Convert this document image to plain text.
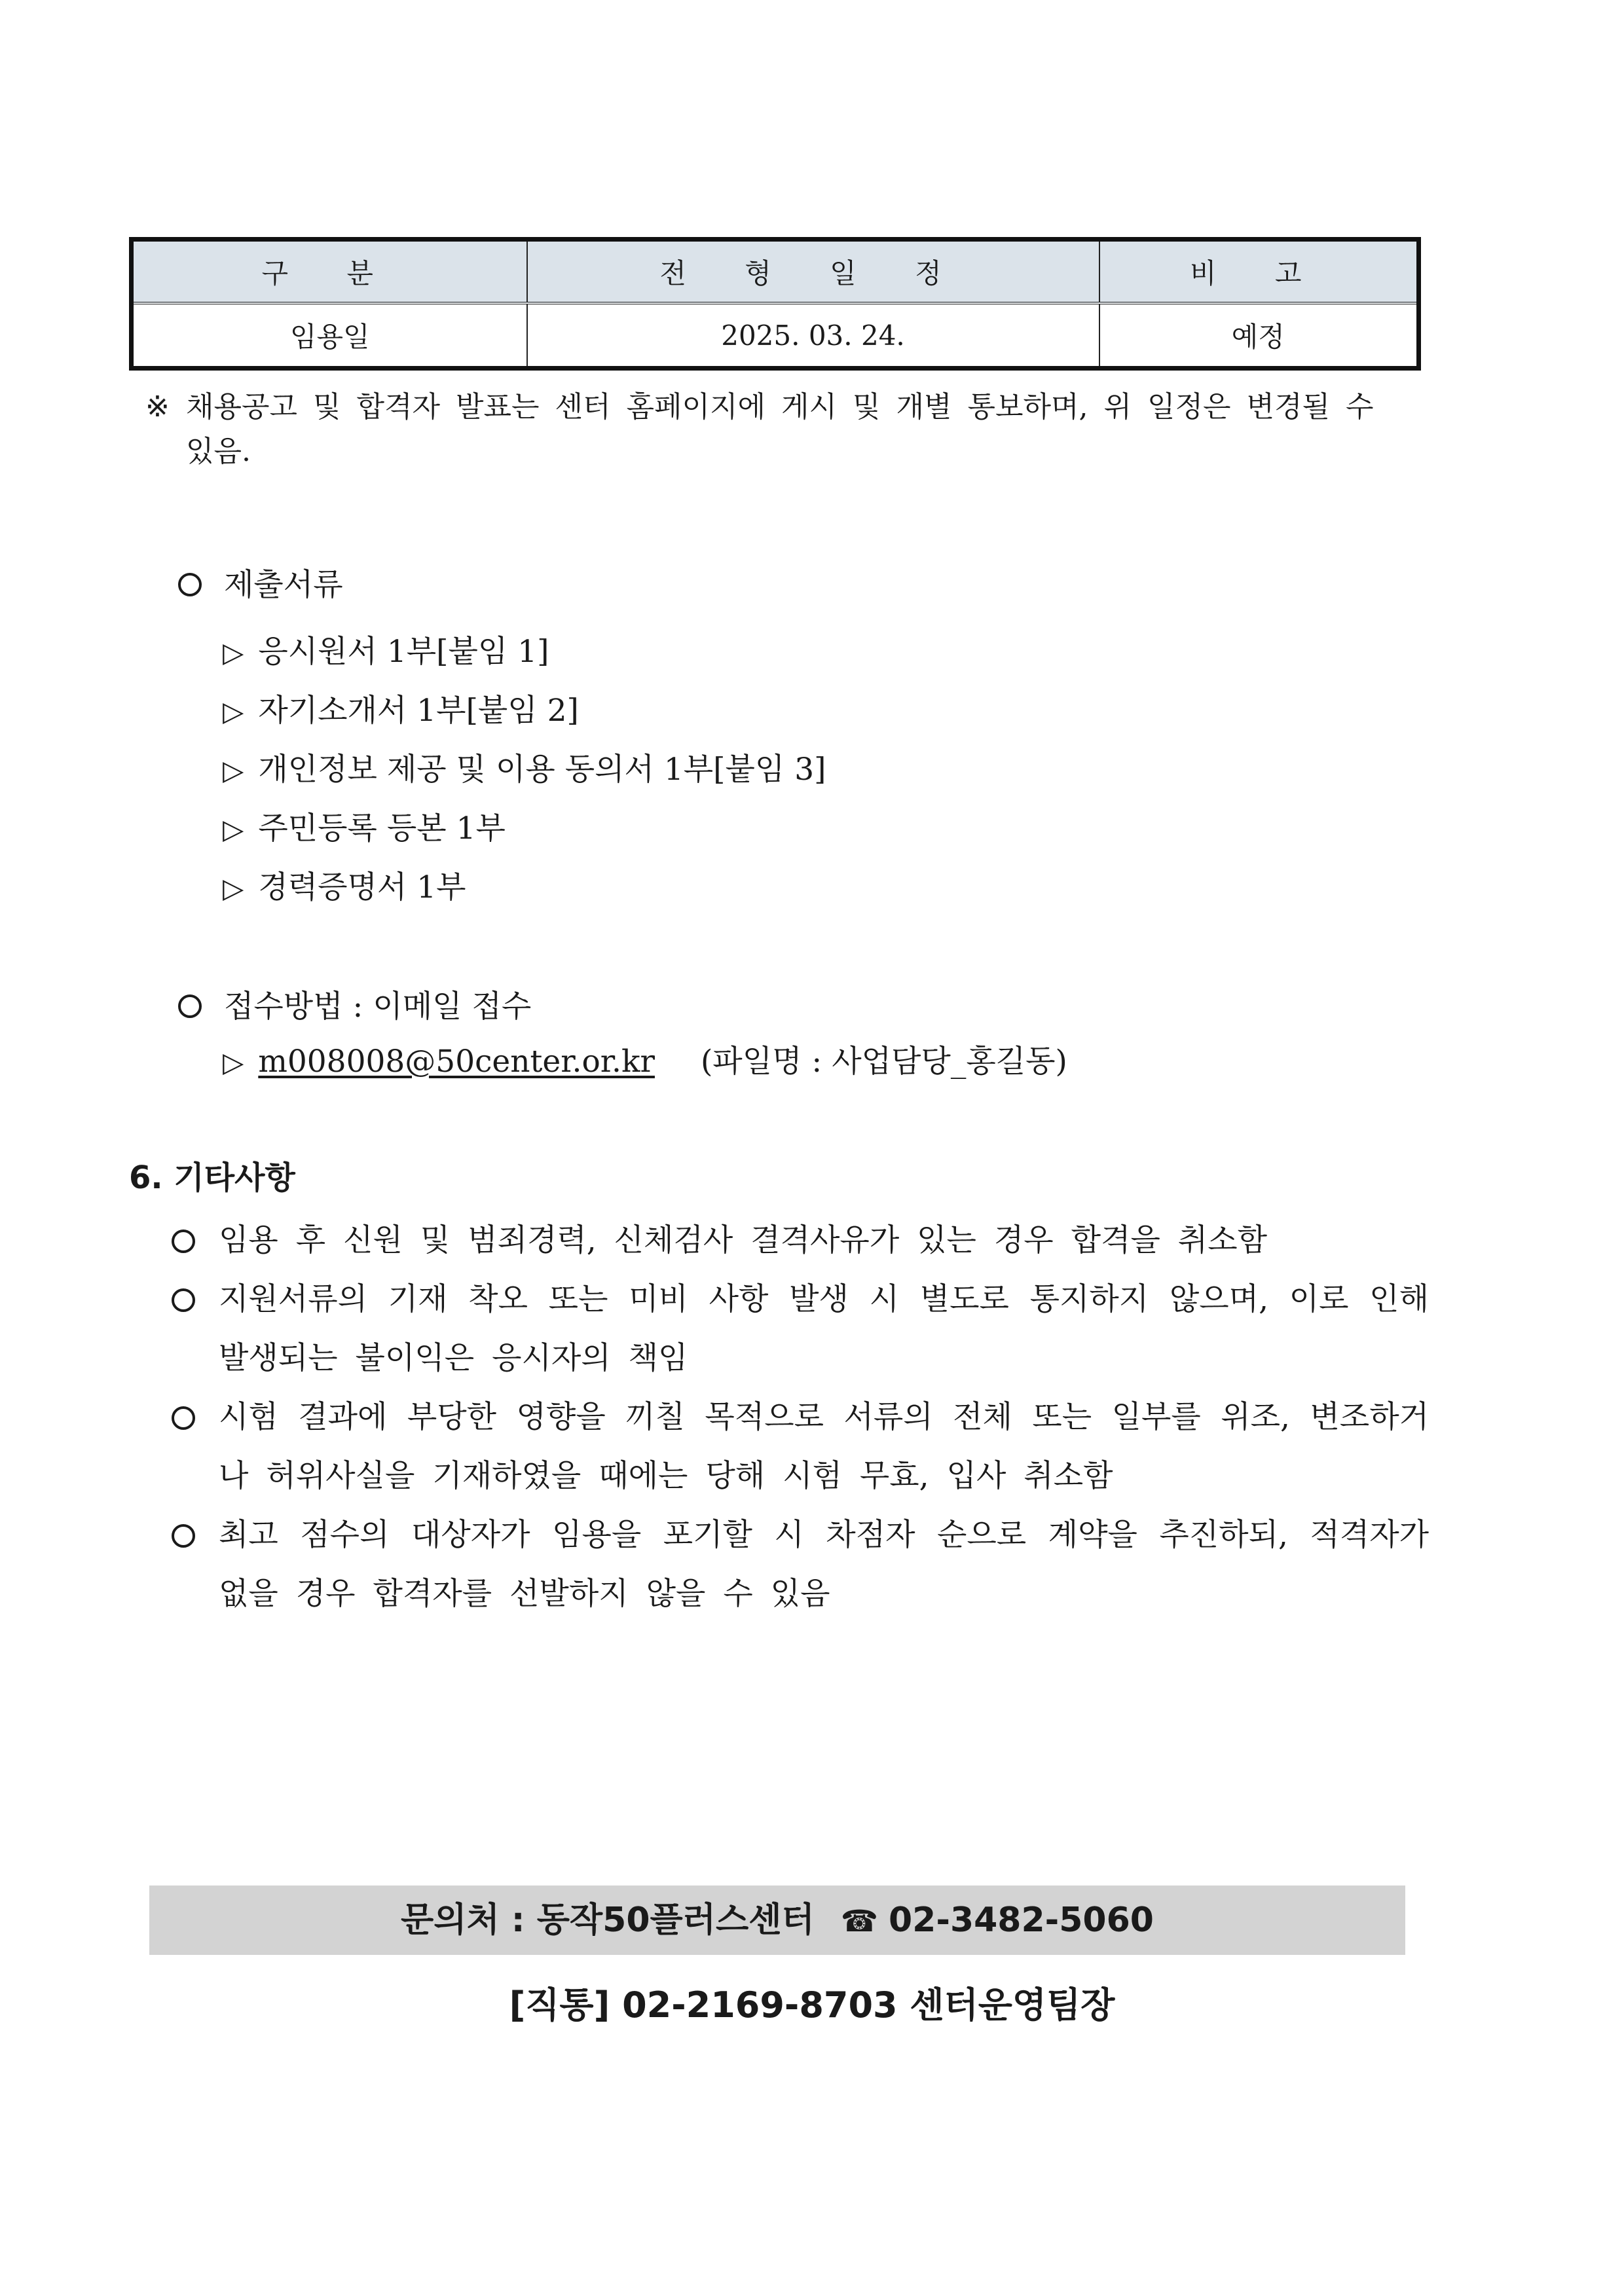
구 분	전 형 일 정	비 고
임용일	2025. 03. 24.	예정
※ 채용공고 및 합격자 발표는 센터 홈페이지에 게시 및 개별 통보하며, 위 일정은 변경될 수 있음.
제출서류
▷ 응시원서 1부[붙임 1]
▷ 자기소개서 1부[붙임 2]
▷ 개인정보 제공 및 이용 동의서 1부[붙임 3]
▷ 주민등록 등본 1부
▷ 경력증명서 1부
접수방법 : 이메일 접수
▷ m008008@50center.or.kr (파일명 : 사업담당_홍길동)
6. 기타사항
임용 후 신원 및 범죄경력, 신체검사 결격사유가 있는 경우 합격을 취소함
지원서류의 기재 착오 또는 미비 사항 발생 시 별도로 통지하지 않으며, 이로 인해 발생되는 불이익은 응시자의 책임
시험 결과에 부당한 영향을 끼칠 목적으로 서류의 전체 또는 일부를 위조, 변조하거나 허위사실을 기재하였을 때에는 당해 시험 무효, 입사 취소함
최고 점수의 대상자가 임용을 포기할 시 차점자 순으로 계약을 추진하되, 적격자가 없을 경우 합격자를 선발하지 않을 수 있음
문의처 : 동작50플러스센터 ☎ 02-3482-5060
[직통] 02-2169-8703 센터운영팀장
